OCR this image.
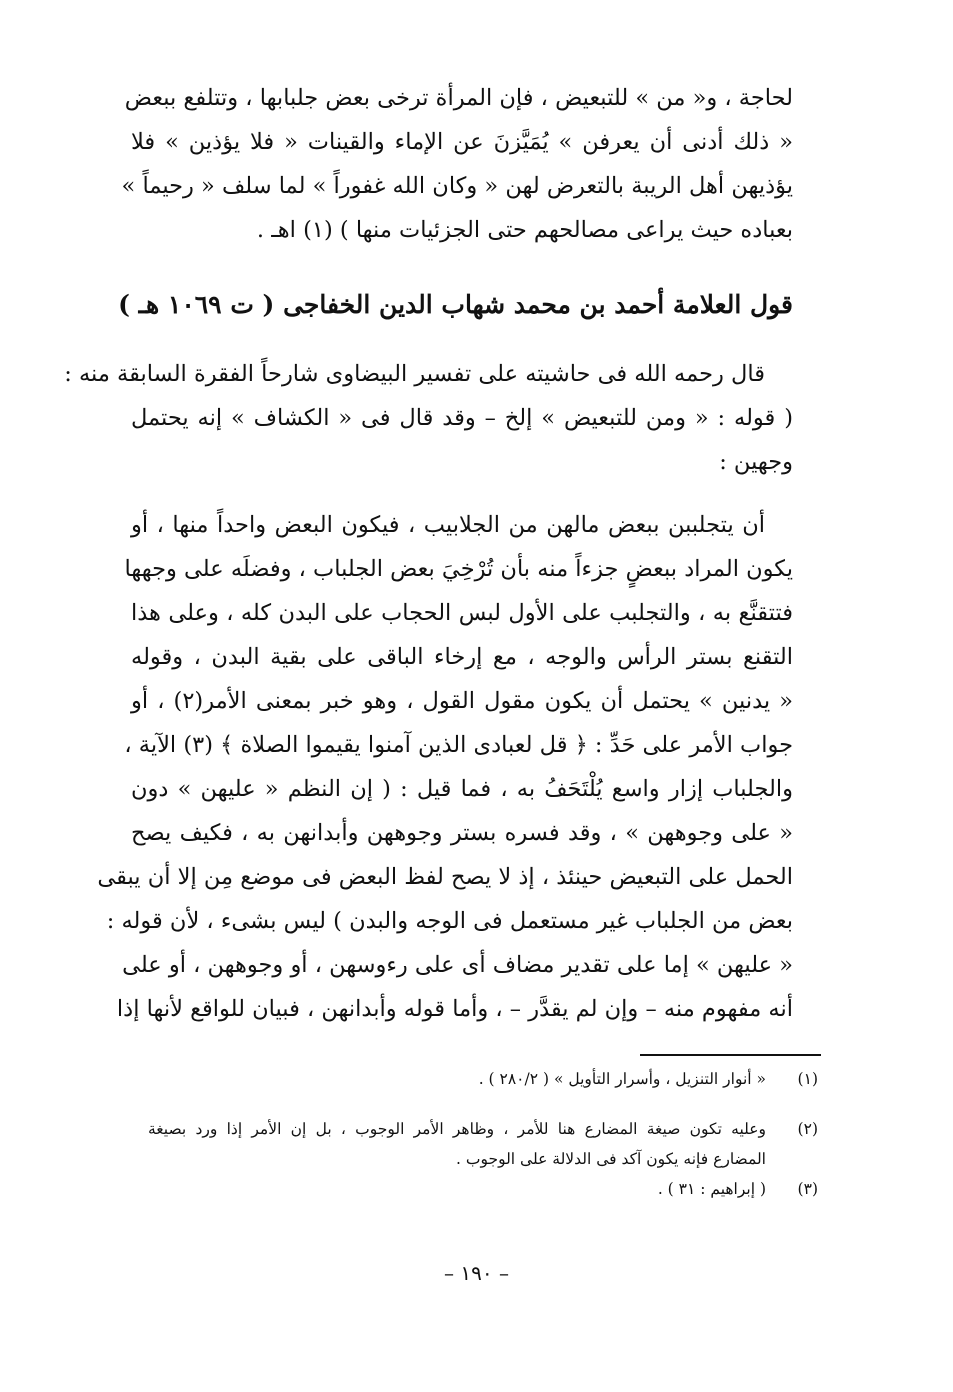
لحاجة ، و« من » للتبعيض ، فإن المرأة ترخى بعض جلبابها ، وتتلفع ببعض
« ذلك أدنى أن يعرفن » يُمَيَّزنَ عن الإماء والقينات « فلا يؤذين » فلا
يؤذيهن أهل الريبة بالتعرض لهن « وكان الله غفوراً » لما سلف « رحيماً »
بعباده حيث يراعى مصالحهم حتى الجزئيات منها ) (١) اهـ .
قول العلامة أحمد بن محمد شهاب الدين الخفاجى ( ت ١٠٦٩ هـ )
قال رحمه الله فى حاشيته على تفسير البيضاوى شارحاً الفقرة السابقة منه :
( قوله : « ومن للتبعيض » إلخ – وقد قال فى « الكشاف » إنه يحتمل
وجهين :
أن يتجلببن ببعض مالهن من الجلابيب ، فيكون البعض واحداً منها ، أو
يكون المراد ببعضٍ جزءاً منه بأن تُرْخِيَ بعض الجلباب ، وفضلَه على وجهها
فتتقنَّع به ، والتجلبب على الأول لبس الحجاب على البدن كله ، وعلى هذا
التقنع بستر الرأس والوجه ، مع إرخاء الباقى على بقية البدن ، وقوله
« يدنين » يحتمل أن يكون مقول القول ، وهو خبر بمعنى الأمر(٢) ، أو
جواب الأمر على حَدِّ : ﴿ قل لعبادى الذين آمنوا يقيموا الصلاة ﴾ (٣) الآية ،
والجلباب إزار واسع يُلْتَحَفُ به ، فما قيل : ( إن النظم « عليهن » دون
« على وجوههن » ، وقد فسره بستر وجوههن وأبدانهن به ، فكيف يصح
الحمل على التبعيض حينئذ ، إذ لا يصح لفظ البعض فى موضع مِن إلا أن يبقى
بعض من الجلباب غير مستعمل فى الوجه والبدن ) ليس بشىء ، لأن قوله :
« عليهن » إما على تقدير مضاف أى على رءوسهن ، أو وجوههن ، أو على
أنه مفهوم منه – وإن لم يقدَّر – ، وأما قوله وأبدانهن ، فبيان للواقع لأنها إذا
(١)
« أنوار التنزيل ، وأسرار التأويل » ( ٢٨٠/٢ ) .
(٢)
وعليه تكون صيغة المضارع هنا للأمر ، وظاهر الأمر الوجوب ، بل إن الأمر إذا ورد بصيغة
المضارع فإنه يكون آكد فى الدلالة على الوجوب .
(٣)
( إبراهيم : ٣١ ) .
– ١٩٠ –
